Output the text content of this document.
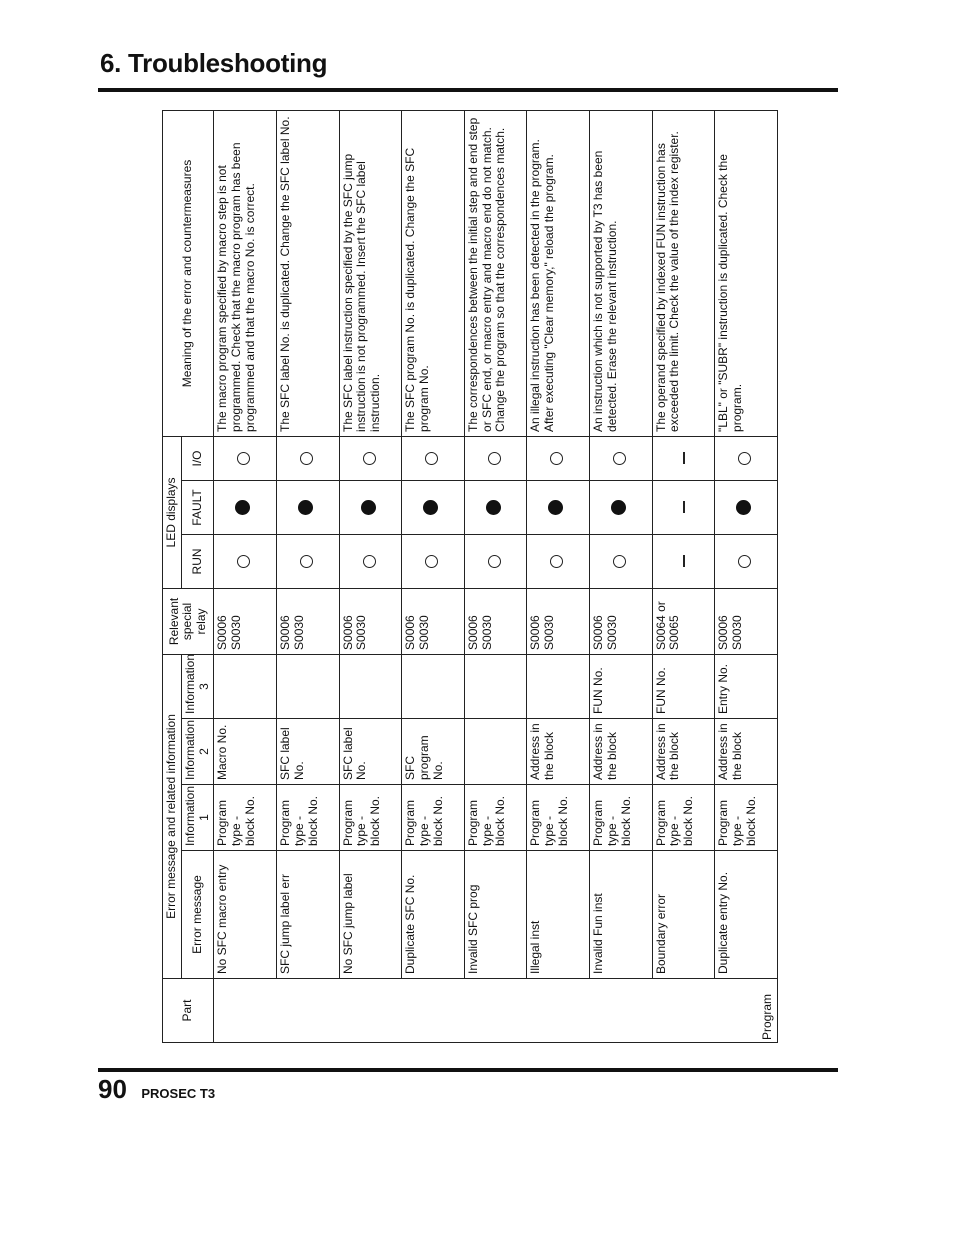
6. Troubleshooting
Part	Error message and related information				Relevant special relay	LED displays			Meaning of the error and countermeasures
	Error message	Information 1	Information 2	Information 3		RUN	FAULT	I/O	
Program	No SFC macro entry	Program type - block No.	Macro No.		S0006 S0030				The macro program specified by macro step is not programmed. Check that the macro program has been programmed and that the macro No. is correct.
	SFC jump label err	Program type - block No.	SFC label No.		S0006 S0030				The SFC label No. is duplicated. Change the SFC label No.
	No SFC jump label	Program type - block No.	SFC label No.		S0006 S0030				The SFC label instruction specified by the SFC jump instruction is not programmed. Insert the SFC label instruction.
	Duplicate SFC No.	Program type - block No.	SFC program No.		S0006 S0030				The SFC program No. is duplicated. Change the SFC program No.
	Invalid SFC prog	Program type - block No.			S0006 S0030				The correspondences between the initial step and end step or SFC end, or macro entry and macro end do not match. Change the program so that the correspondences match.
	Illegal inst	Program type - block No.	Address in the block		S0006 S0030				An illegal instruction has been detected in the program. After executing "Clear memory," reload the program.
	Invalid Fun inst	Program type - block No.	Address in the block	FUN No.	S0006 S0030				An instruction which is not supported by T3 has been detected. Erase the relevant instruction.
	Boundary error	Program type - block No.	Address in the block	FUN No.	S0064 or S0065				The operand specified by indexed FUN instruction has exceeded the limit. Check the value of the index register.
	Duplicate entry No.	Program type - block No.	Address in the block	Entry No.	S0006 S0030				"LBL" or "SUBR" instruction is duplicated. Check the program.
90 PROSEC T3
